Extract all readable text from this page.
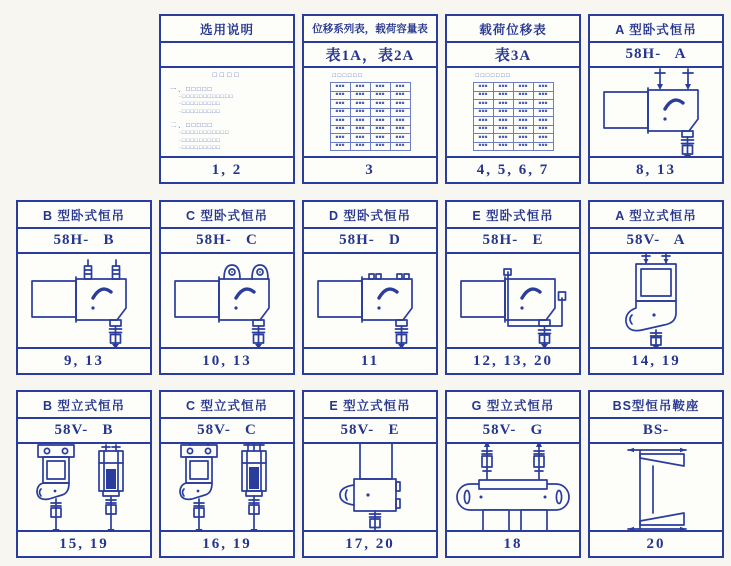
选用说明
□□□□
一、□□□□□
·□□□□□□□□□□□□
·□□□□□□□□□
·□□□□□□□□□
二、□□□□□
·□□□□□□□□□□□
·□□□□□□□□□
·□□□□□□□□□
1, 2
位移系列表，载荷容量表
表1A，表2A
□□□□□□
▪▪▪	▪▪▪	▪▪▪	▪▪▪
▪▪▪	▪▪▪	▪▪▪	▪▪▪
▪▪▪	▪▪▪	▪▪▪	▪▪▪
▪▪▪	▪▪▪	▪▪▪	▪▪▪
▪▪▪	▪▪▪	▪▪▪	▪▪▪
▪▪▪	▪▪▪	▪▪▪	▪▪▪
▪▪▪	▪▪▪	▪▪▪	▪▪▪
▪▪▪	▪▪▪	▪▪▪	▪▪▪
3
载荷位移表
表3A
□□□□□□□
▪▪▪	▪▪▪	▪▪▪	▪▪▪
▪▪▪	▪▪▪	▪▪▪	▪▪▪
▪▪▪	▪▪▪	▪▪▪	▪▪▪
▪▪▪	▪▪▪	▪▪▪	▪▪▪
▪▪▪	▪▪▪	▪▪▪	▪▪▪
▪▪▪	▪▪▪	▪▪▪	▪▪▪
▪▪▪	▪▪▪	▪▪▪	▪▪▪
▪▪▪	▪▪▪	▪▪▪	▪▪▪
4, 5, 6, 7
A 型卧式恒吊
58H-   A
8, 13
B 型卧式恒吊
58H-   B
9, 13
C 型卧式恒吊
58H-   C
10, 13
D 型卧式恒吊
58H-   D
11
E 型卧式恒吊
58H-   E
12, 13, 20
A 型立式恒吊
58V-   A
14, 19
B 型立式恒吊
58V-   B
15, 19
C 型立式恒吊
58V-   C
16, 19
E 型立式恒吊
58V-   E
17, 20
G 型立式恒吊
58V-   G
18
BS型恒吊鞍座
BS-
20
